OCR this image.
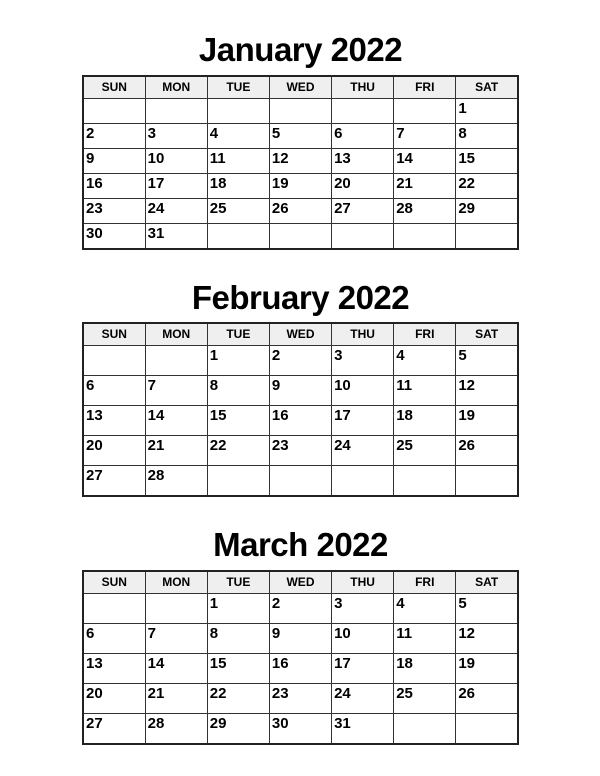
January 2022
SUN	MON	TUE	WED	THU	FRI	SAT
						1
2	3	4	5	6	7	8
9	10	11	12	13	14	15
16	17	18	19	20	21	22
23	24	25	26	27	28	29
30	31					
February 2022
SUN	MON	TUE	WED	THU	FRI	SAT
		1	2	3	4	5
6	7	8	9	10	11	12
13	14	15	16	17	18	19
20	21	22	23	24	25	26
27	28					
March 2022
SUN	MON	TUE	WED	THU	FRI	SAT
		1	2	3	4	5
6	7	8	9	10	11	12
13	14	15	16	17	18	19
20	21	22	23	24	25	26
27	28	29	30	31		
